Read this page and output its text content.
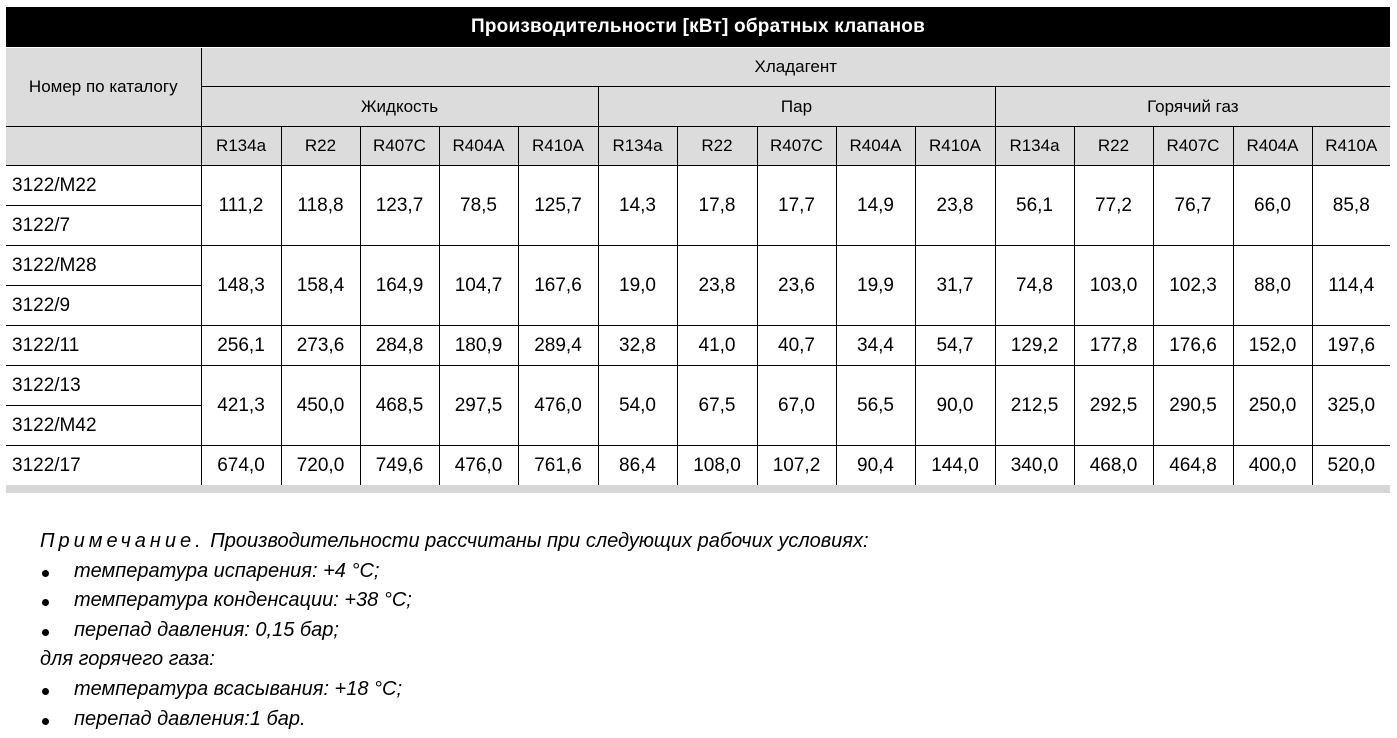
Производительности [кВт] обратных клапанов
Номер по каталогу	Хладагент														
	Жидкость					Пар					Горячий газ				
	R134a	R22	R407C	R404A	R410A	R134a	R22	R407C	R404A	R410A	R134a	R22	R407C	R404A	R410A
3122/M22	111,2	118,8	123,7	78,5	125,7	14,3	17,8	17,7	14,9	23,8	56,1	77,2	76,7	66,0	85,8
3122/7															
3122/M28	148,3	158,4	164,9	104,7	167,6	19,0	23,8	23,6	19,9	31,7	74,8	103,0	102,3	88,0	114,4
3122/9															
3122/11	256,1	273,6	284,8	180,9	289,4	32,8	41,0	40,7	34,4	54,7	129,2	177,8	176,6	152,0	197,6
3122/13	421,3	450,0	468,5	297,5	476,0	54,0	67,5	67,0	56,5	90,0	212,5	292,5	290,5	250,0	325,0
3122/M42															
3122/17	674,0	720,0	749,6	476,0	761,6	86,4	108,0	107,2	90,4	144,0	340,0	468,0	464,8	400,0	520,0
Примечание. Производительности рассчитаны при следующих рабочих условиях:
температура испарения: +4 °С;
температура конденсации: +38 °С;
перепад давления: 0,15 бар;
для горячего газа:
температура всасывания: +18 °С;
перепад давления:1 бар.
